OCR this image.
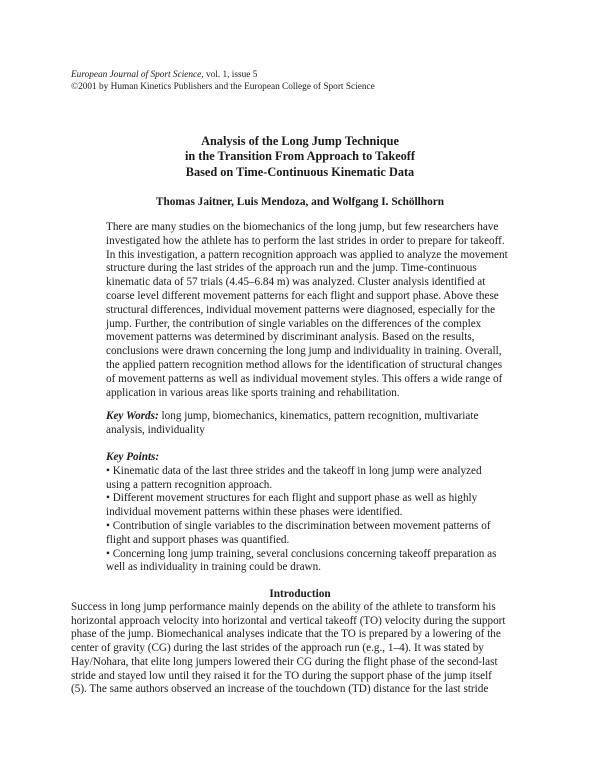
European Journal of Sport Science, vol. 1, issue 5
©2001 by Human Kinetics Publishers and the European College of Sport Science
Analysis of the Long Jump Technique
in the Transition From Approach to Takeoff
Based on Time-Continuous Kinematic Data
Thomas Jaitner, Luis Mendoza, and Wolfgang I. Schöllhorn
There are many studies on the biomechanics of the long jump, but few researchers have
investigated how the athlete has to perform the last strides in order to prepare for takeoff.
In this investigation, a pattern recognition approach was applied to analyze the movement
structure during the last strides of the approach run and the jump. Time-continuous
kinematic data of 57 trials (4.45–6.84 m) was analyzed. Cluster analysis identified at
coarse level different movement patterns for each flight and support phase. Above these
structural differences, individual movement patterns were diagnosed, especially for the
jump. Further, the contribution of single variables on the differences of the complex
movement patterns was determined by discriminant analysis. Based on the results,
conclusions were drawn concerning the long jump and individuality in training. Overall,
the applied pattern recognition method allows for the identification of structural changes
of movement patterns as well as individual movement styles. This offers a wide range of
application in various areas like sports training and rehabilitation.
Key Words: long jump, biomechanics, kinematics, pattern recognition, multivariate
analysis, individuality
Key Points:
• Kinematic data of the last three strides and the takeoff in long jump were analyzed
using a pattern recognition approach.
• Different movement structures for each flight and support phase as well as highly
individual movement patterns within these phases were identified.
• Contribution of single variables to the discrimination between movement patterns of
flight and support phases was quantified.
• Concerning long jump training, several conclusions concerning takeoff preparation as
well as individuality in training could be drawn.
Introduction
Success in long jump performance mainly depends on the ability of the athlete to transform his
horizontal approach velocity into horizontal and vertical takeoff (TO) velocity during the support
phase of the jump. Biomechanical analyses indicate that the TO is prepared by a lowering of the
center of gravity (CG) during the last strides of the approach run (e.g., 1–4). It was stated by
Hay/Nohara, that elite long jumpers lowered their CG during the flight phase of the second-last
stride and stayed low until they raised it for the TO during the support phase of the jump itself
(5). The same authors observed an increase of the touchdown (TD) distance for the last stride
